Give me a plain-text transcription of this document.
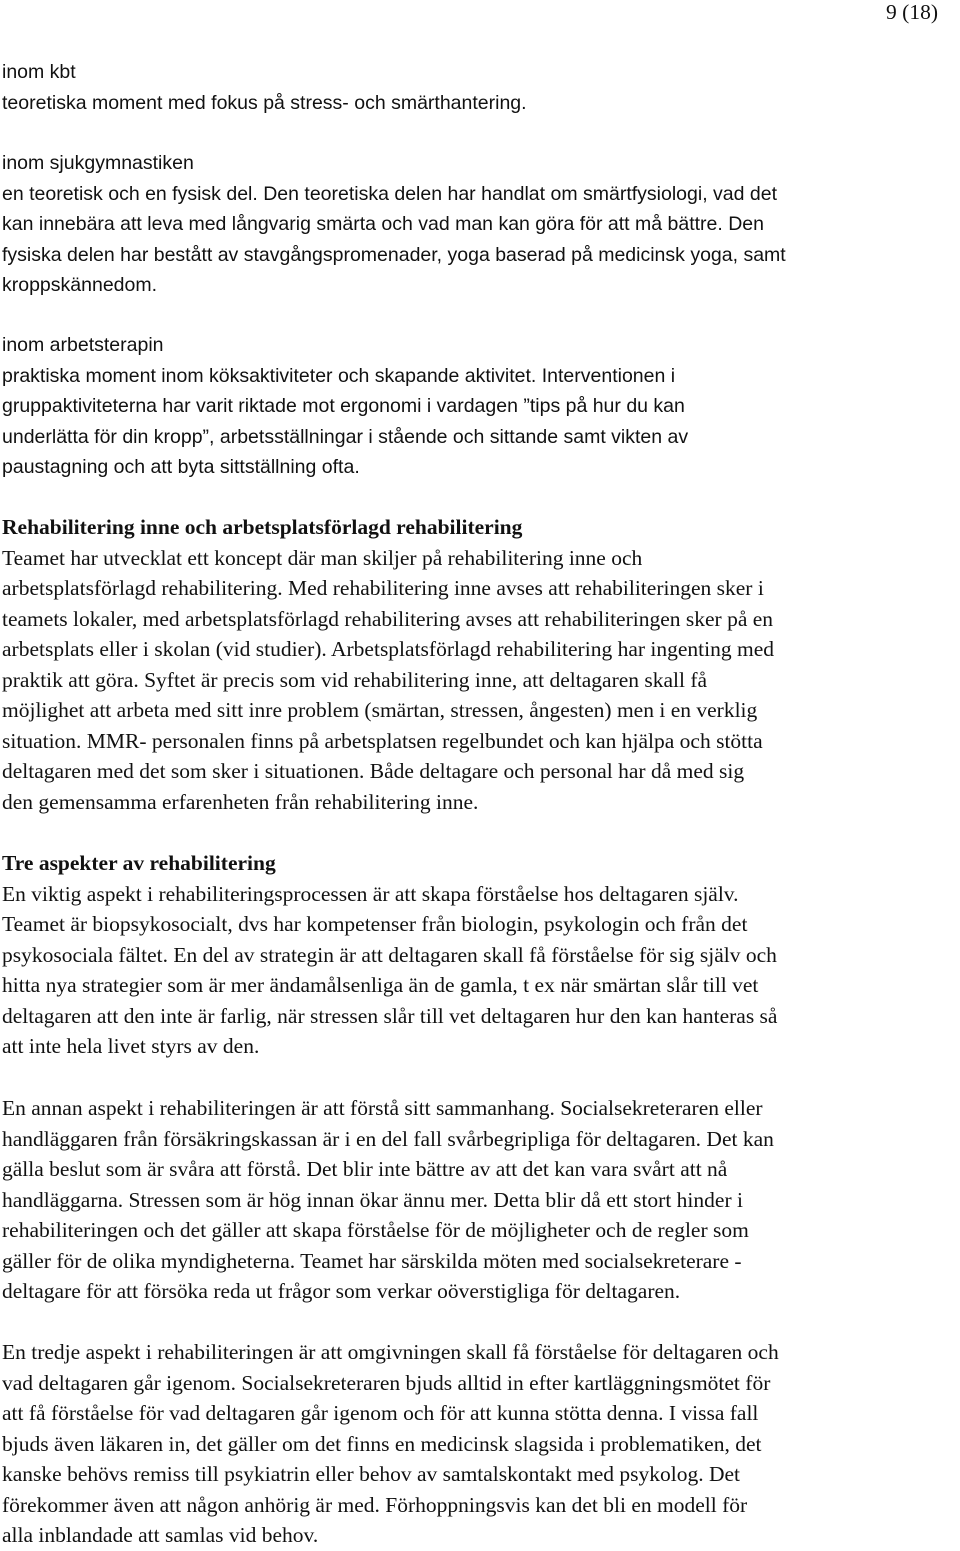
9 (18)
inom kbt
teoretiska moment med fokus på stress- och smärthantering.
inom sjukgymnastiken
en teoretisk och en fysisk del. Den teoretiska delen har handlat om smärtfysiologi, vad det
kan innebära att leva med långvarig smärta och vad man kan göra för att må bättre. Den
fysiska delen har bestått av stavgångspromenader, yoga baserad på medicinsk yoga, samt
kroppskännedom.
inom arbetsterapin
praktiska moment inom köksaktiviteter och skapande aktivitet. Interventionen i
gruppaktiviteterna har varit riktade mot ergonomi i vardagen ”tips på hur du kan
underlätta för din kropp”, arbetsställningar i stående och sittande samt vikten av
paustagning och att byta sittställning ofta.
Rehabilitering inne och arbetsplatsförlagd rehabilitering
Teamet har utvecklat ett koncept där man skiljer på rehabilitering inne och
arbetsplatsförlagd rehabilitering. Med rehabilitering inne avses att rehabiliteringen sker i
teamets lokaler, med arbetsplatsförlagd rehabilitering avses att rehabiliteringen sker på en
arbetsplats eller i skolan (vid studier). Arbetsplatsförlagd rehabilitering har ingenting med
praktik att göra. Syftet är precis som vid rehabilitering inne, att deltagaren skall få
möjlighet att arbeta med sitt inre problem (smärtan, stressen, ångesten) men i en verklig
situation. MMR- personalen finns på arbetsplatsen regelbundet och kan hjälpa och stötta
deltagaren med det som sker i situationen. Både deltagare och personal har då med sig
den gemensamma erfarenheten från rehabilitering inne.
Tre aspekter av rehabilitering
En viktig aspekt i rehabiliteringsprocessen är att skapa förståelse hos deltagaren själv.
Teamet är biopsykosocialt, dvs har kompetenser från biologin, psykologin och från det
psykosociala fältet. En del av strategin är att deltagaren skall få förståelse för sig själv och
hitta nya strategier som är mer ändamålsenliga än de gamla, t ex när smärtan slår till vet
deltagaren att den inte är farlig, när stressen slår till vet deltagaren hur den kan hanteras så
att inte hela livet styrs av den.
En annan aspekt i rehabiliteringen är att förstå sitt sammanhang. Socialsekreteraren eller
handläggaren från försäkringskassan är i en del fall svårbegripliga för deltagaren. Det kan
gälla beslut som är svåra att förstå. Det blir inte bättre av att det kan vara svårt att nå
handläggarna. Stressen som är hög innan ökar ännu mer. Detta blir då ett stort hinder i
rehabiliteringen och det gäller att skapa förståelse för de möjligheter och de regler som
gäller för de olika myndigheterna. Teamet har särskilda möten med socialsekreterare -
deltagare för att försöka reda ut frågor som verkar oöverstigliga för deltagaren.
En tredje aspekt i rehabiliteringen är att omgivningen skall få förståelse för deltagaren och
vad deltagaren går igenom. Socialsekreteraren bjuds alltid in efter kartläggningsmötet för
att få förståelse för vad deltagaren går igenom och för att kunna stötta denna. I vissa fall
bjuds även läkaren in, det gäller om det finns en medicinsk slagsida i problematiken, det
kanske behövs remiss till psykiatrin eller behov av samtalskontakt med psykolog. Det
förekommer även att någon anhörig är med. Förhoppningsvis kan det bli en modell för
alla inblandade att samlas vid behov.
